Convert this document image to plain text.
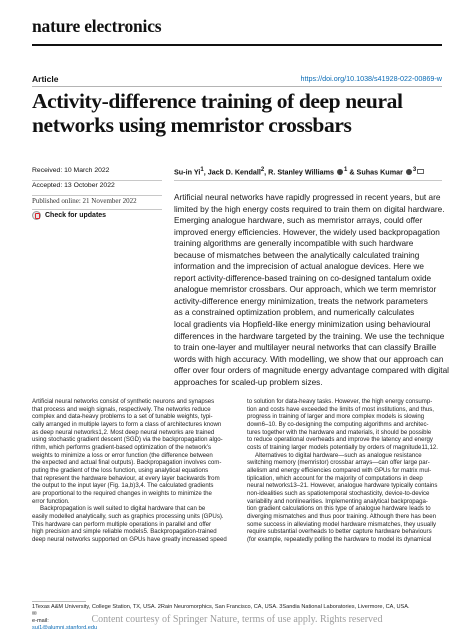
nature electronics
Article	https://doi.org/10.1038/s41928-022-00869-w
Activity-difference training of deep neural
networks using memristor crossbars
Received: 10 March 2022
Accepted: 13 October 2022
Published online: 21 November 2022
Check for updates
Su-in Yi$^1$, Jack D. Kendall$^2$, R. Stanley Williams $^1$ & Suhas Kumar $^3$
Artificial neural networks have rapidly progressed in recent years, but are
limited by the high energy costs required to train them on digital hardware.
Emerging analogue hardware, such as memristor arrays, could offer
improved energy efficiencies. However, the widely used backpropagation
training algorithms are generally incompatible with such hardware
because of mismatches between the analytically calculated training
information and the imprecision of actual analogue devices. Here we
report activity-difference-based training on co-designed tantalum oxide
analogue memristor crossbars. Our approach, which we term memristor
activity-difference energy minimization, treats the network parameters
as a constrained optimization problem, and numerically calculates
local gradients via Hopfield-like energy minimization using behavioural
differences in the hardware targeted by the training. We use the technique
to train one-layer and multilayer neural networks that can classify Braille
words with high accuracy. With modelling, we show that our approach can
offer over four orders of magnitude energy advantage compared with digital
approaches for scaled-up problem sizes.
Artificial neural networks consist of synthetic neurons and synapses
that process and weigh signals, respectively. The networks reduce
complex and data-heavy problems to a set of tunable weights, typi-
cally arranged in multiple layers to form a class of architectures known
as deep neural networks1,2. Most deep neural networks are trained
using stochastic gradient descent (SGD) via the backpropagation algo-
rithm, which performs gradient-based optimization of the network’s
weights to minimize a loss or error function (the difference between
the expected and actual final outputs). Backpropagation involves com-
puting the gradient of the loss function, using analytical equations
that represent the hardware behaviour, at every layer backwards from
the output to the input layer (Fig. 1a,b)3,4. The calculated gradients
are proportional to the required changes in weights to minimize the
error function.
Backpropagation is well suited to digital hardware that can be
easily modelled analytically, such as graphics processing units (GPUs).
This hardware can perform multiple operations in parallel and offer
high precision and simple reliable models5. Backpropagation-trained
deep neural networks supported on GPUs have greatly increased speed
to solution for data-heavy tasks. However, the high energy consump-
tion and costs have exceeded the limits of most institutions, and thus,
progress in training of larger and more complex models is slowing
down6–10. By co-designing the computing algorithms and architec-
tures together with the hardware and materials, it should be possible
to reduce operational overheads and improve the latency and energy
costs of training larger models potentially by orders of magnitude11,12.
Alternatives to digital hardware—such as analogue resistance
switching memory (memristor) crossbar arrays—can offer large par-
allelism and energy efficiencies compared with GPUs for matrix mul-
tiplication, which account for the majority of computations in deep
neural networks13–21. However, analogue hardware typically contains
non-idealities such as spatiotemporal stochasticity, device-to-device
variability and nonlinearities. Implementing analytical backpropaga-
tion gradient calculations on this type of analogue hardware leads to
diverging mismatches and thus poor training. Although there has been
some success in alleviating model hardware mismatches, they usually
require substantial overheads to better capture hardware behaviours
(for example, repeatedly polling the hardware to model its dynamical
1Texas A&M University, College Station, TX, USA. 2Rain Neuromorphics, San Francisco, CA, USA. 3Sandia National Laboratories, Livermore, CA, USA.
✉
e-mail:
sui1@alumni.stanford.edu
Content courtesy of Springer Nature, terms of use apply. Rights reserved
